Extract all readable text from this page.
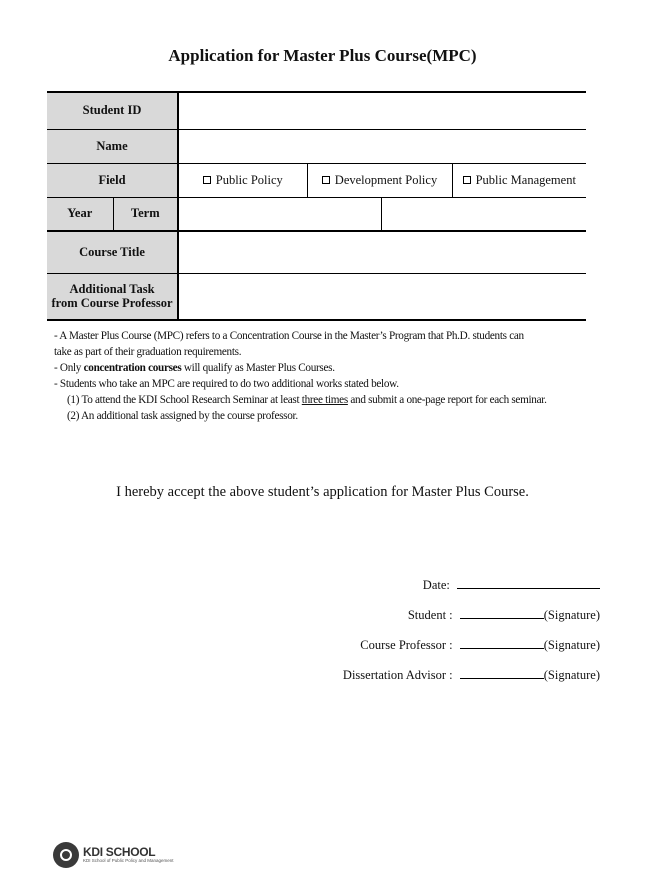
Application for Master Plus Course(MPC)
Student ID					
Name					
Field		Public Policy	Development Policy		Public Management
Year	Term				
Course Title					
Additional Task
from Course Professor					
- A Master Plus Course (MPC) refers to a Concentration Course in the Master’s Program that Ph.D. students can
take as part of their graduation requirements.
- Only concentration courses will qualify as Master Plus Courses.
- Students who take an MPC are required to do two additional works stated below.
(1) To attend the KDI School Research Seminar at least three times and submit a one-page report for each seminar.
(2) An additional task assigned by the course professor.
I hereby accept the above student’s application for Master Plus Course.
Date:
Student :	(Signature)
Course Professor :	(Signature)
Dissertation Advisor :	(Signature)
KDI SCHOOL
KDI School of Public Policy and Management
